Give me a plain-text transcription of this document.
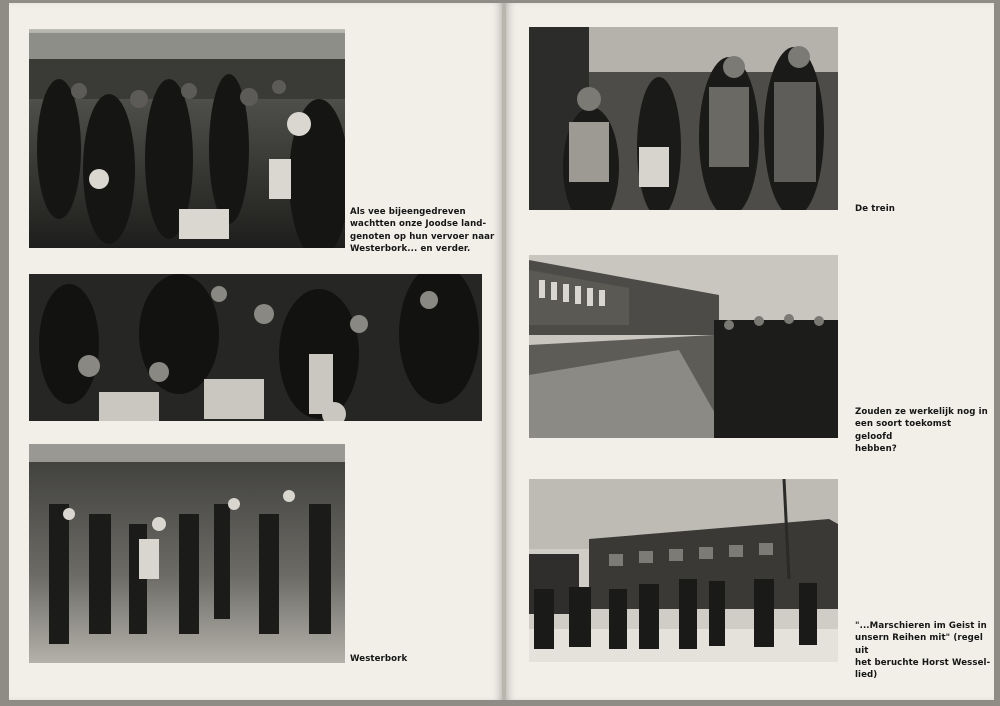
Als vee bijeengedreven
wachtten onze Joodse land-
genoten op hun vervoer naar
Westerbork... en verder.

Westerbork

De trein

Zouden ze werkelijk nog in
een soort toekomst geloofd
hebben?

"...Marschieren im Geist in
unsern Reihen mit" (regel uit
het beruchte Horst Wessel-
lied)
